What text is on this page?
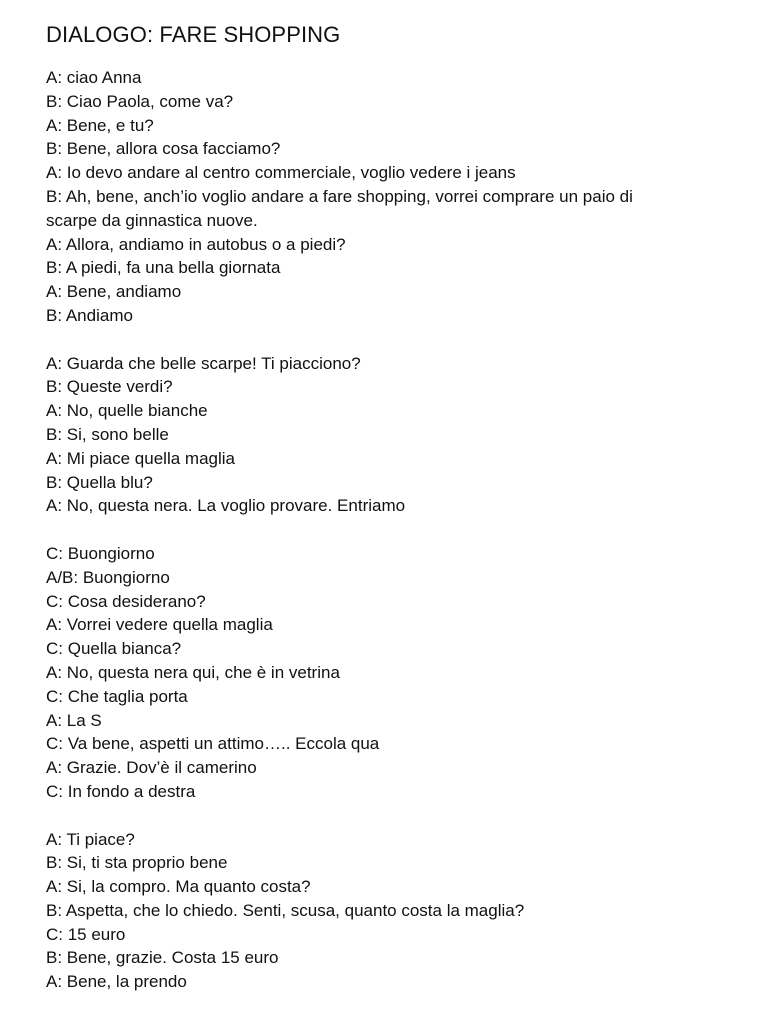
DIALOGO: FARE SHOPPING
A: ciao Anna
B: Ciao Paola, come va?
A: Bene, e tu?
B: Bene, allora cosa facciamo?
A: Io devo andare al centro commerciale, voglio vedere i jeans
B: Ah, bene, anch’io voglio andare a fare shopping, vorrei comprare un paio di
scarpe da ginnastica nuove.
A: Allora, andiamo in autobus o a piedi?
B: A piedi, fa una bella giornata
A: Bene, andiamo
B: Andiamo
A: Guarda che belle scarpe! Ti piacciono?
B: Queste verdi?
A: No, quelle bianche
B: Si, sono belle
A: Mi piace quella maglia
B: Quella blu?
A: No, questa nera. La voglio provare. Entriamo
C: Buongiorno
A/B: Buongiorno
C: Cosa desiderano?
A: Vorrei vedere quella maglia
C: Quella bianca?
A: No, questa nera qui, che è in vetrina
C: Che taglia porta
A: La S
C: Va bene, aspetti un attimo….. Eccola qua
A: Grazie. Dov’è il camerino
C: In fondo a destra
A: Ti piace?
B: Si, ti sta proprio bene
A: Si, la compro. Ma quanto costa?
B: Aspetta, che lo chiedo. Senti, scusa, quanto costa la maglia?
C: 15 euro
B: Bene, grazie. Costa 15 euro
A: Bene, la prendo
